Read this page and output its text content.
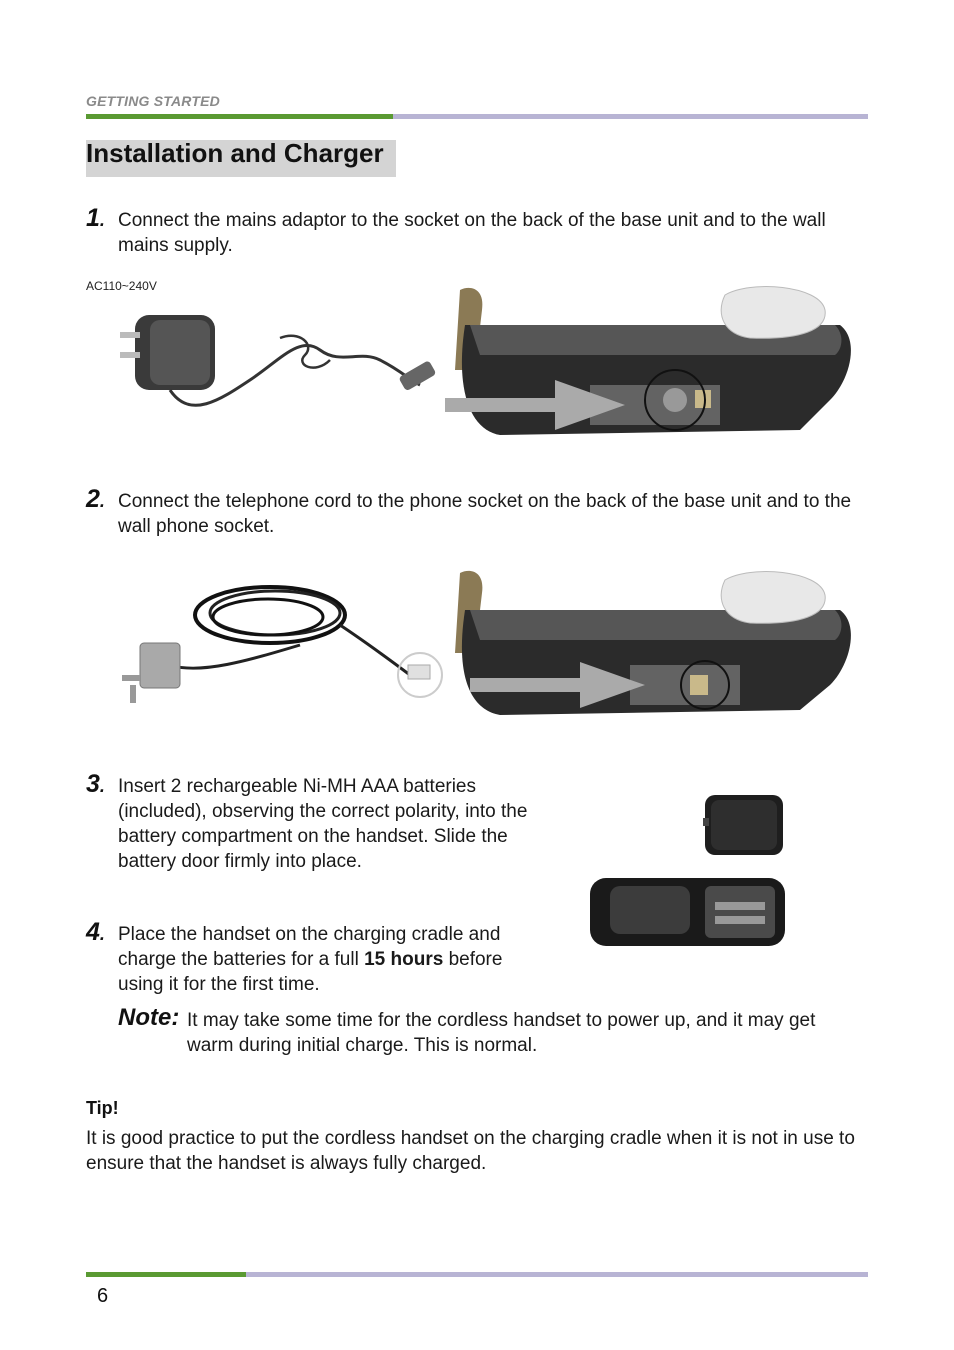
GETTING STARTED
Installation and Charger
1. Connect the mains adaptor to the socket on the back of the base unit and to the wall mains supply.
AC110~240V
2. Connect the telephone cord to the phone socket on the back of the base unit and to the wall phone socket.
3. Insert 2 rechargeable Ni-MH AAA batteries (included), observing the correct polarity, into the battery compartment on the handset. Slide the battery door firmly into place.
4. Place the handset on the charging cradle and charge the batteries for a full 15 hours before using it for the first time.
Note: It may take some time for the cordless handset to power up, and it may get warm during initial charge. This is normal.
Tip!
It is good practice to put the cordless handset on the charging cradle when it is not in use to ensure that the handset is always fully charged.
6
